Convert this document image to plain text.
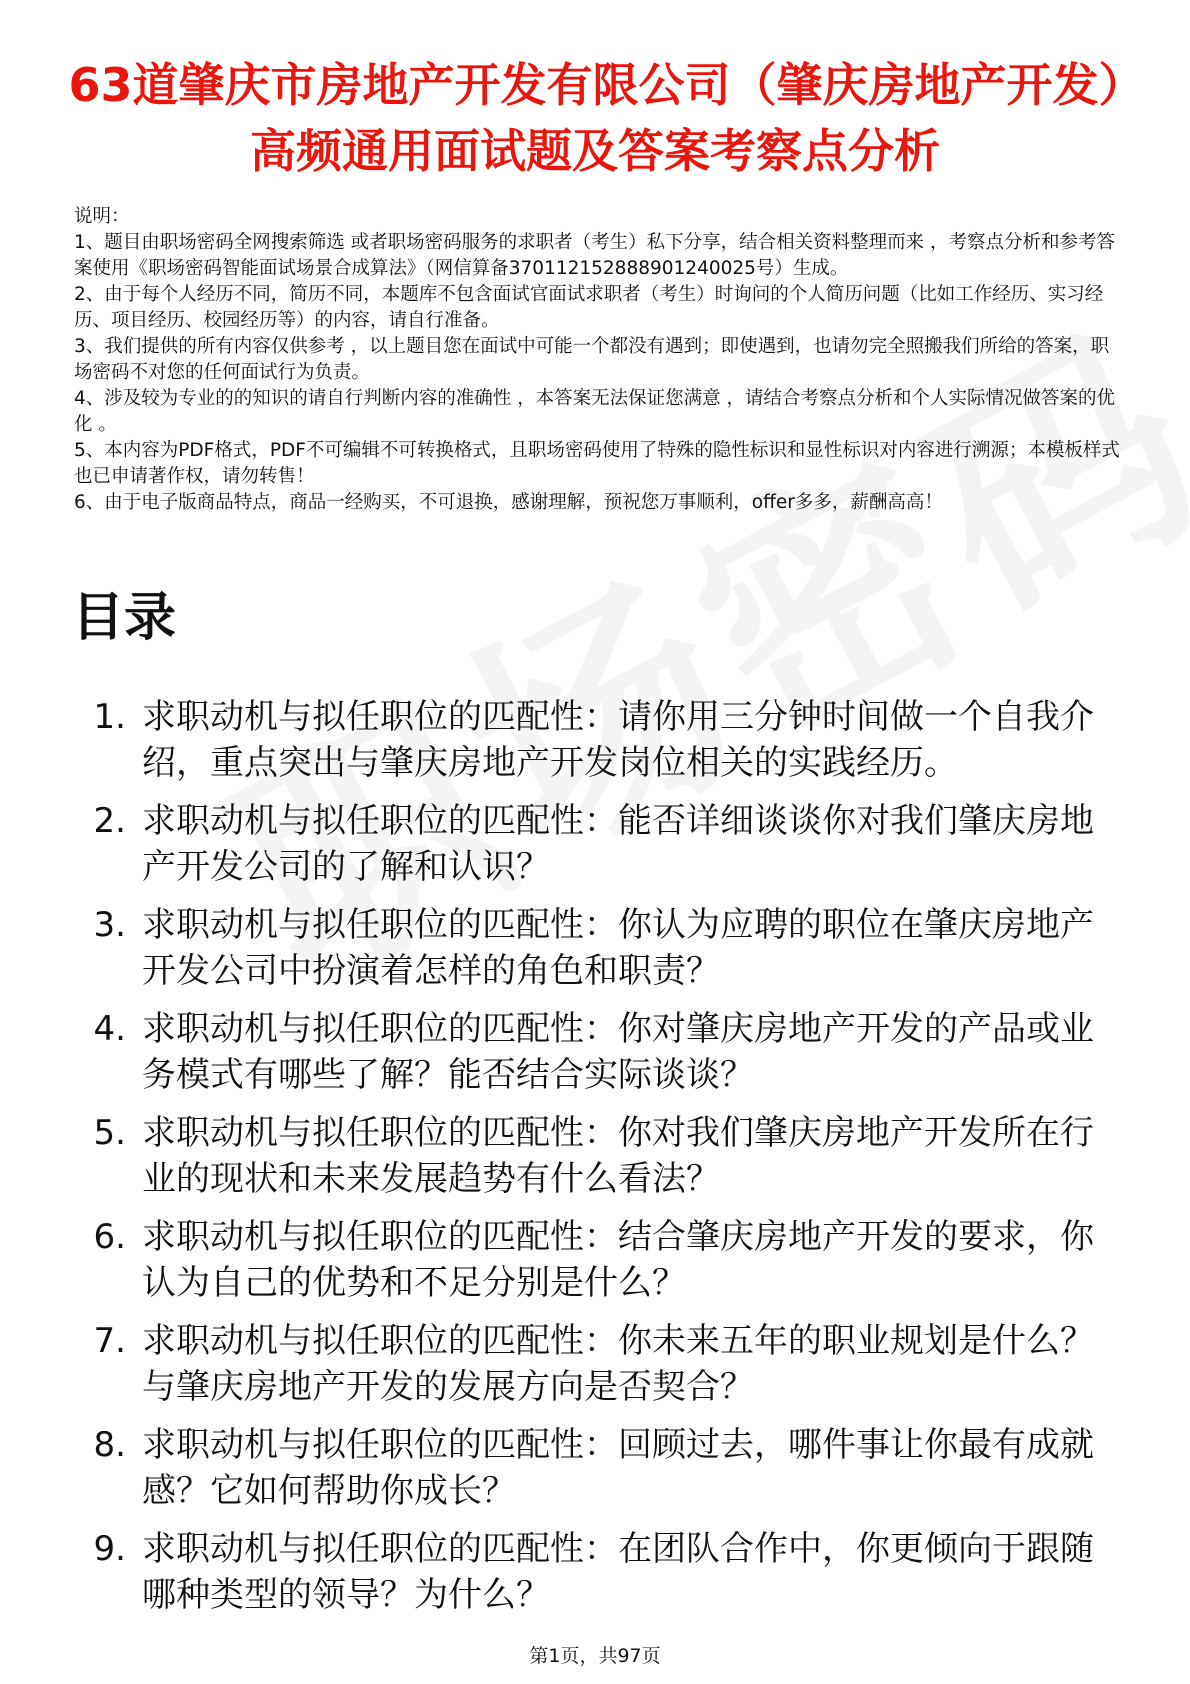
63道肇庆市房地产开发有限公司（肇庆房地产开发）高频通用面试题及答案考察点分析

说明：

1、题目由职场密码全网搜索筛选 或者职场密码服务的求职者（考生）私下分享，结合相关资料整理而来 ，考察点分析和参考答案使用《职场密码智能面试场景合成算法》（网信算备370112152888901240025号）生成。

2、由于每个人经历不同，简历不同，本题库不包含面试官面试求职者（考生）时询问的个人简历问题（比如工作经历、实习经历、项目经历、校园经历等）的内容，请自行准备。

3、我们提供的所有内容仅供参考 ，以上题目您在面试中可能一个都没有遇到；即使遇到，也请勿完全照搬我们所给的答案，职场密码不对您的任何面试行为负责。

4、涉及较为专业的的知识的请自行判断内容的准确性 ，本答案无法保证您满意 ，请结合考察点分析和个人实际情况做答案的优化 。

5、本内容为PDF格式，PDF不可编辑不可转换格式，且职场密码使用了特殊的隐性标识和显性标识对内容进行溯源；本模板样式也已申请著作权，请勿转售！

6、由于电子版商品特点，商品一经购买，不可退换，感谢理解，预祝您万事顺利，offer多多，薪酬高高！

目录
1. 求职动机与拟任职位的匹配性：请你用三分钟时间做一个自我介绍，重点突出与肇庆房地产开发岗位相关的实践经历。
2. 求职动机与拟任职位的匹配性：能否详细谈谈你对我们肇庆房地产开发公司的了解和认识？
3. 求职动机与拟任职位的匹配性：你认为应聘的职位在肇庆房地产开发公司中扮演着怎样的角色和职责？
4. 求职动机与拟任职位的匹配性：你对肇庆房地产开发的产品或业务模式有哪些了解？能否结合实际谈谈？
5. 求职动机与拟任职位的匹配性：你对我们肇庆房地产开发所在行业的现状和未来发展趋势有什么看法？
6. 求职动机与拟任职位的匹配性：结合肇庆房地产开发的要求，你认为自己的优势和不足分别是什么？
7. 求职动机与拟任职位的匹配性：你未来五年的职业规划是什么？与肇庆房地产开发的发展方向是否契合？
8. 求职动机与拟任职位的匹配性：回顾过去，哪件事让你最有成就感？它如何帮助你成长？
9. 求职动机与拟任职位的匹配性：在团队合作中，你更倾向于跟随哪种类型的领导？为什么？
第1页，共97页
